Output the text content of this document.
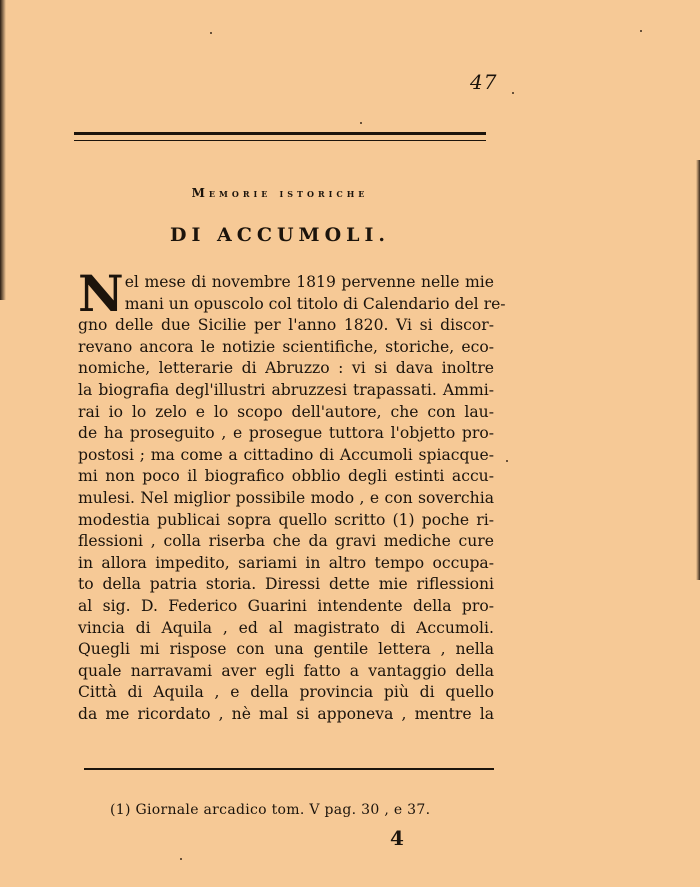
47
Memorie istoriche
DI ACCUMOLI.
N el mese di novembre 1819 pervenne nelle mie
mani un opuscolo col titolo di Calendario del re-
gno delle due Sicilie per l'anno 1820. Vi si discor-
revano ancora le notizie scientifiche, storiche, eco-
nomiche, letterarie di Abruzzo : vi si dava inoltre
la biografia degl'illustri abruzzesi trapassati. Ammi-
rai io lo zelo e lo scopo dell'autore, che con lau-
de ha proseguito , e prosegue tuttora l'objetto pro-
postosi ; ma come a cittadino di Accumoli spiacque-
mi non poco il biografico obblio degli estinti accu-
mulesi. Nel miglior possibile modo , e con soverchia
modestia publicai sopra quello scritto (1) poche ri-
flessioni , colla riserba che da gravi mediche cure
in allora impedito, sariami in altro tempo occupa-
to della patria storia. Diressi dette mie riflessioni
al sig. D. Federico Guarini intendente della pro-
vincia di Aquila , ed al magistrato di Accumoli.
Quegli mi rispose con una gentile lettera , nella
quale narravami aver egli fatto a vantaggio della
Città di Aquila , e della provincia più di quello
da me ricordato , nè mal si apponeva , mentre la
(1) Giornale arcadico tom. V pag. 30 , e 37.
4
